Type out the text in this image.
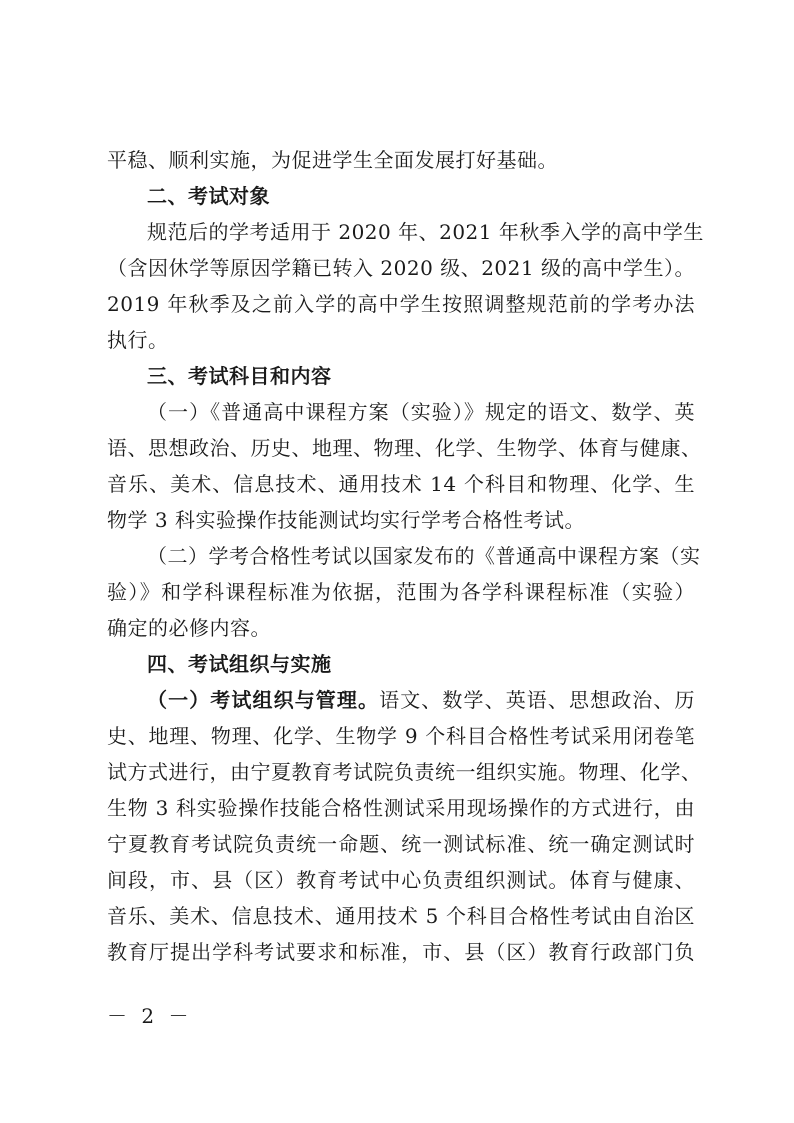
平稳、顺利实施，为促进学生全面发展打好基础。
二、考试对象
规范后的学考适用于 2020 年、2021 年秋季入学的高中学生
（含因休学等原因学籍已转入 2020 级、2021 级的高中学生）。
2019 年秋季及之前入学的高中学生按照调整规范前的学考办法
执行。
三、考试科目和内容
（一）《普通高中课程方案（实验）》规定的语文、数学、英
语、思想政治、历史、地理、物理、化学、生物学、体育与健康、
音乐、美术、信息技术、通用技术 14 个科目和物理、化学、生
物学 3 科实验操作技能测试均实行学考合格性考试。
（二）学考合格性考试以国家发布的《普通高中课程方案（实
验）》和学科课程标准为依据，范围为各学科课程标准（实验）
确定的必修内容。
四、考试组织与实施
（一）考试组织与管理。语文、数学、英语、思想政治、历
史、地理、物理、化学、生物学 9 个科目合格性考试采用闭卷笔
试方式进行，由宁夏教育考试院负责统一组织实施。物理、化学、
生物 3 科实验操作技能合格性测试采用现场操作的方式进行，由
宁夏教育考试院负责统一命题、统一测试标准、统一确定测试时
间段，市、县（区）教育考试中心负责组织测试。体育与健康、
音乐、美术、信息技术、通用技术 5 个科目合格性考试由自治区
教育厅提出学科考试要求和标准，市、县（区）教育行政部门负
－ 2 －
